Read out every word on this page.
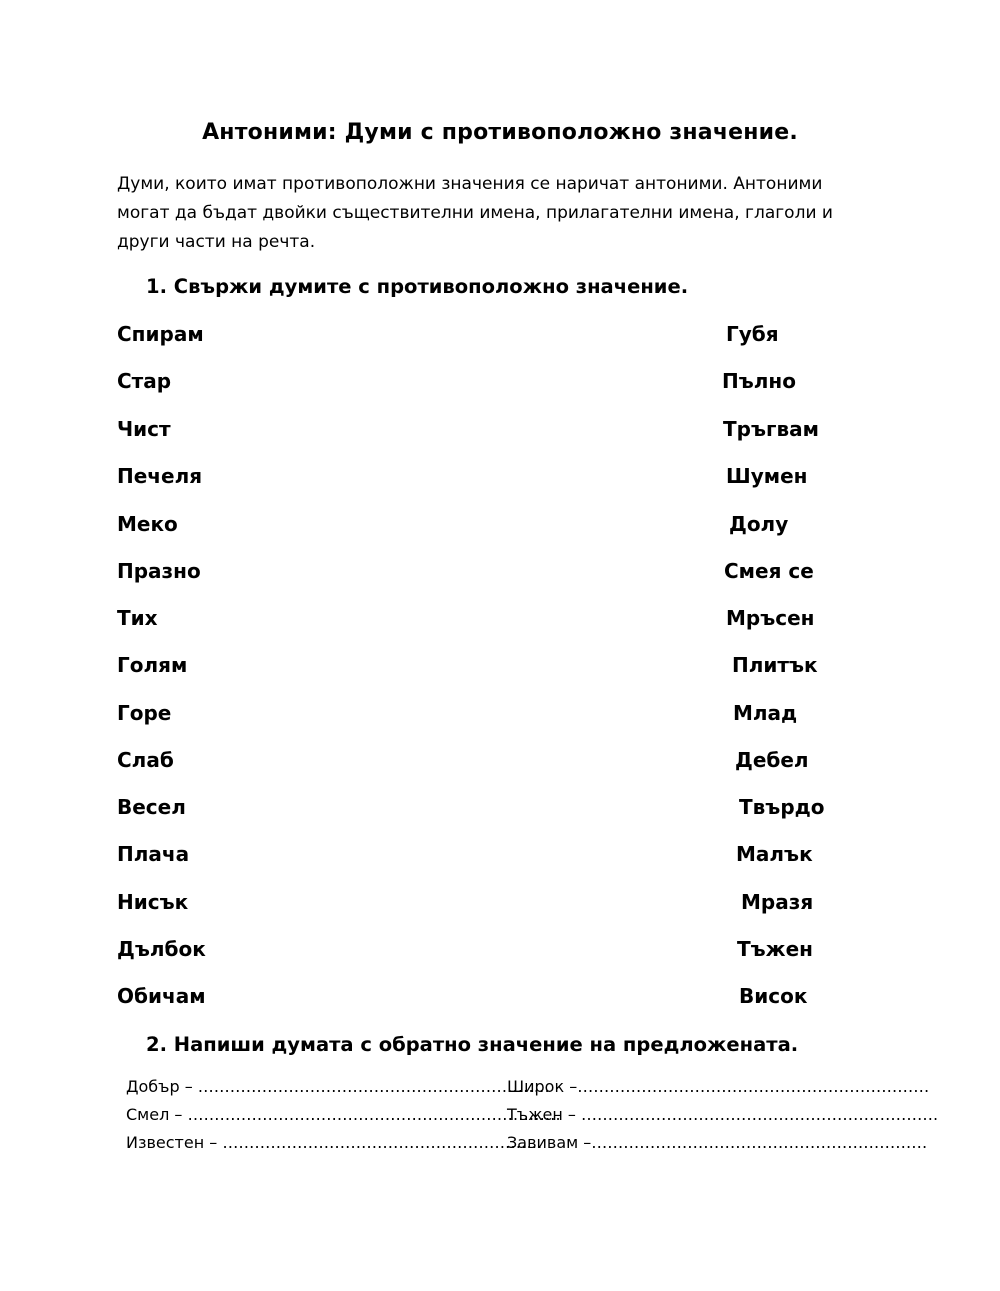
Антоними: Думи с противоположно значение.
Думи, които имат противоположни значения се наричат антоними. Антоними
могат да бъдат двойки съществителни имена, прилагателни имена, глаголи и
други части на речта.
1. Свържи думите с противоположно значение.
Спирам
Стар
Чист
Печеля
Меко
Празно
Тих
Голям
Горе
Слаб
Весел
Плача
Нисък
Дълбок
Обичам
Губя
Пълно
Тръгвам
Шумен
Долу
Смея се
Мръсен
Плитък
Млад
Дебел
Твърдо
Малък
Мразя
Тъжен
Висок
2. Напиши думата с обратно значение на предложената.
Добър – …………………………………………………………
Широк –…………………………………………………………
Смел – …………………………………………………………….
Тъжен – ………………………………………………………….
Известен – ……………………………………………………
Завивам –………………………………………………………
